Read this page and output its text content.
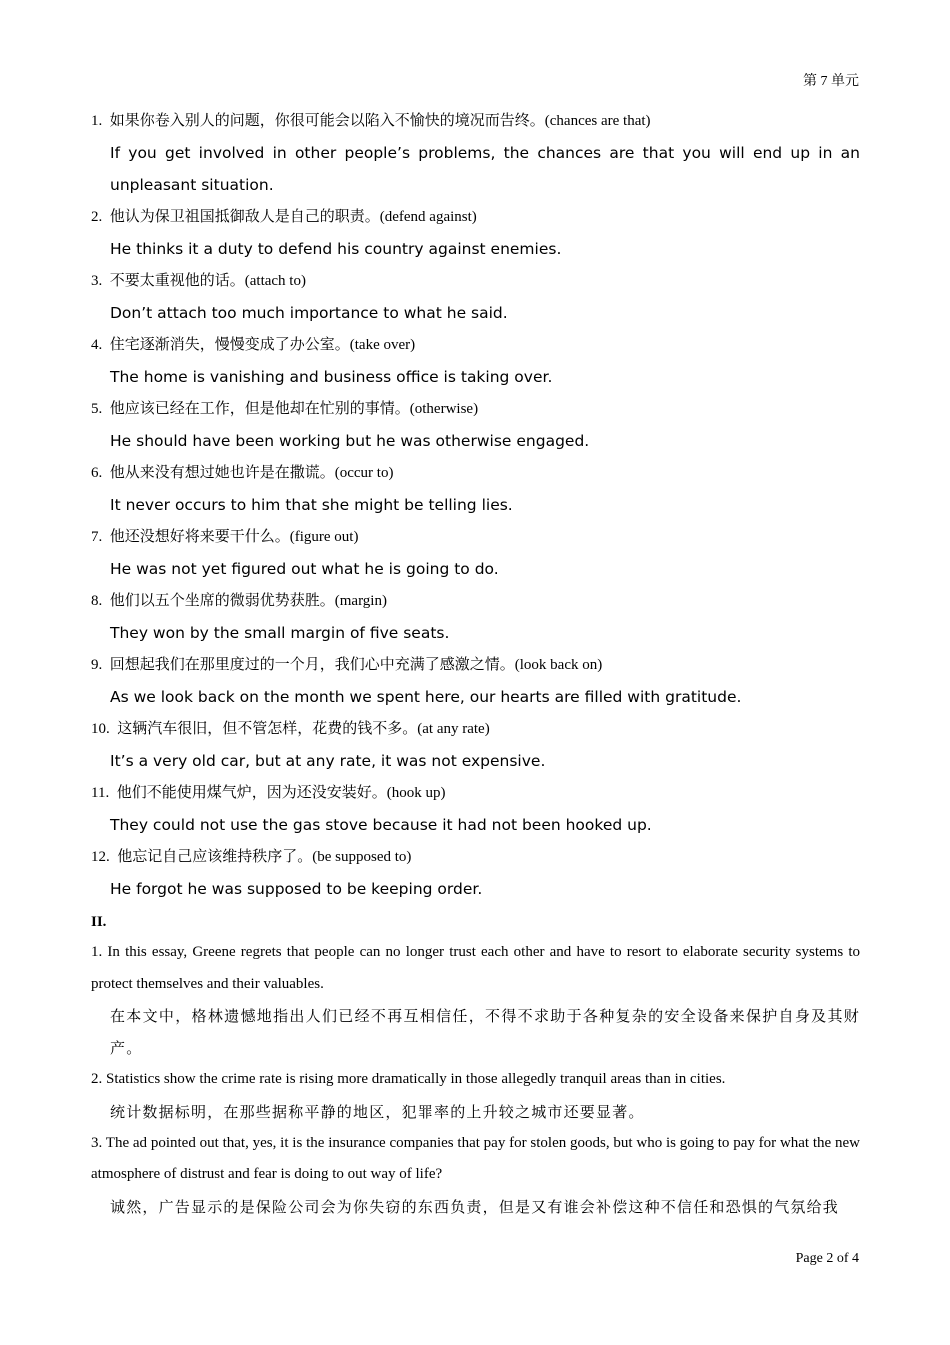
第 7 单元
1. 如果你卷入别人的问题，你很可能会以陷入不愉快的境况而告终。(chances are that)
If you get involved in other people’s problems, the chances are that you will end up in an unpleasant situation.
2. 他认为保卫祖国抵御敌人是自己的职责。(defend against)
He thinks it a duty to defend his country against enemies.
3. 不要太重视他的话。(attach to)
Don’t attach too much importance to what he said.
4. 住宅逐渐消失，慢慢变成了办公室。(take over)
The home is vanishing and business office is taking over.
5. 他应该已经在工作，但是他却在忙别的事情。(otherwise)
He should have been working but he was otherwise engaged.
6. 他从来没有想过她也许是在撒谎。(occur to)
It never occurs to him that she might be telling lies.
7. 他还没想好将来要干什么。(figure out)
He was not yet figured out what he is going to do.
8. 他们以五个坐席的微弱优势获胜。(margin)
They won by the small margin of five seats.
9. 回想起我们在那里度过的一个月，我们心中充满了感激之情。(look back on)
As we look back on the month we spent here, our hearts are filled with gratitude.
10. 这辆汽车很旧，但不管怎样，花费的钱不多。(at any rate)
It’s a very old car, but at any rate, it was not expensive.
11. 他们不能使用煤气炉，因为还没安装好。(hook up)
They could not use the gas stove because it had not been hooked up.
12. 他忘记自己应该维持秩序了。(be supposed to)
He forgot he was supposed to be keeping order.
II.
1. In this essay, Greene regrets that people can no longer trust each other and have to resort to elaborate security systems to protect themselves and their valuables.
在本文中，格林遗憾地指出人们已经不再互相信任，不得不求助于各种复杂的安全设备来保护自身及其财产。
2. Statistics show the crime rate is rising more dramatically in those allegedly tranquil areas than in cities.
统计数据标明，在那些据称平静的地区，犯罪率的上升较之城市还要显著。
3. The ad pointed out that, yes, it is the insurance companies that pay for stolen goods, but who is going to pay for what the new atmosphere of distrust and fear is doing to out way of life?
诚然，广告显示的是保险公司会为你失窃的东西负责，但是又有谁会补偿这种不信任和恐惧的气氛给我
Page 2 of 4
